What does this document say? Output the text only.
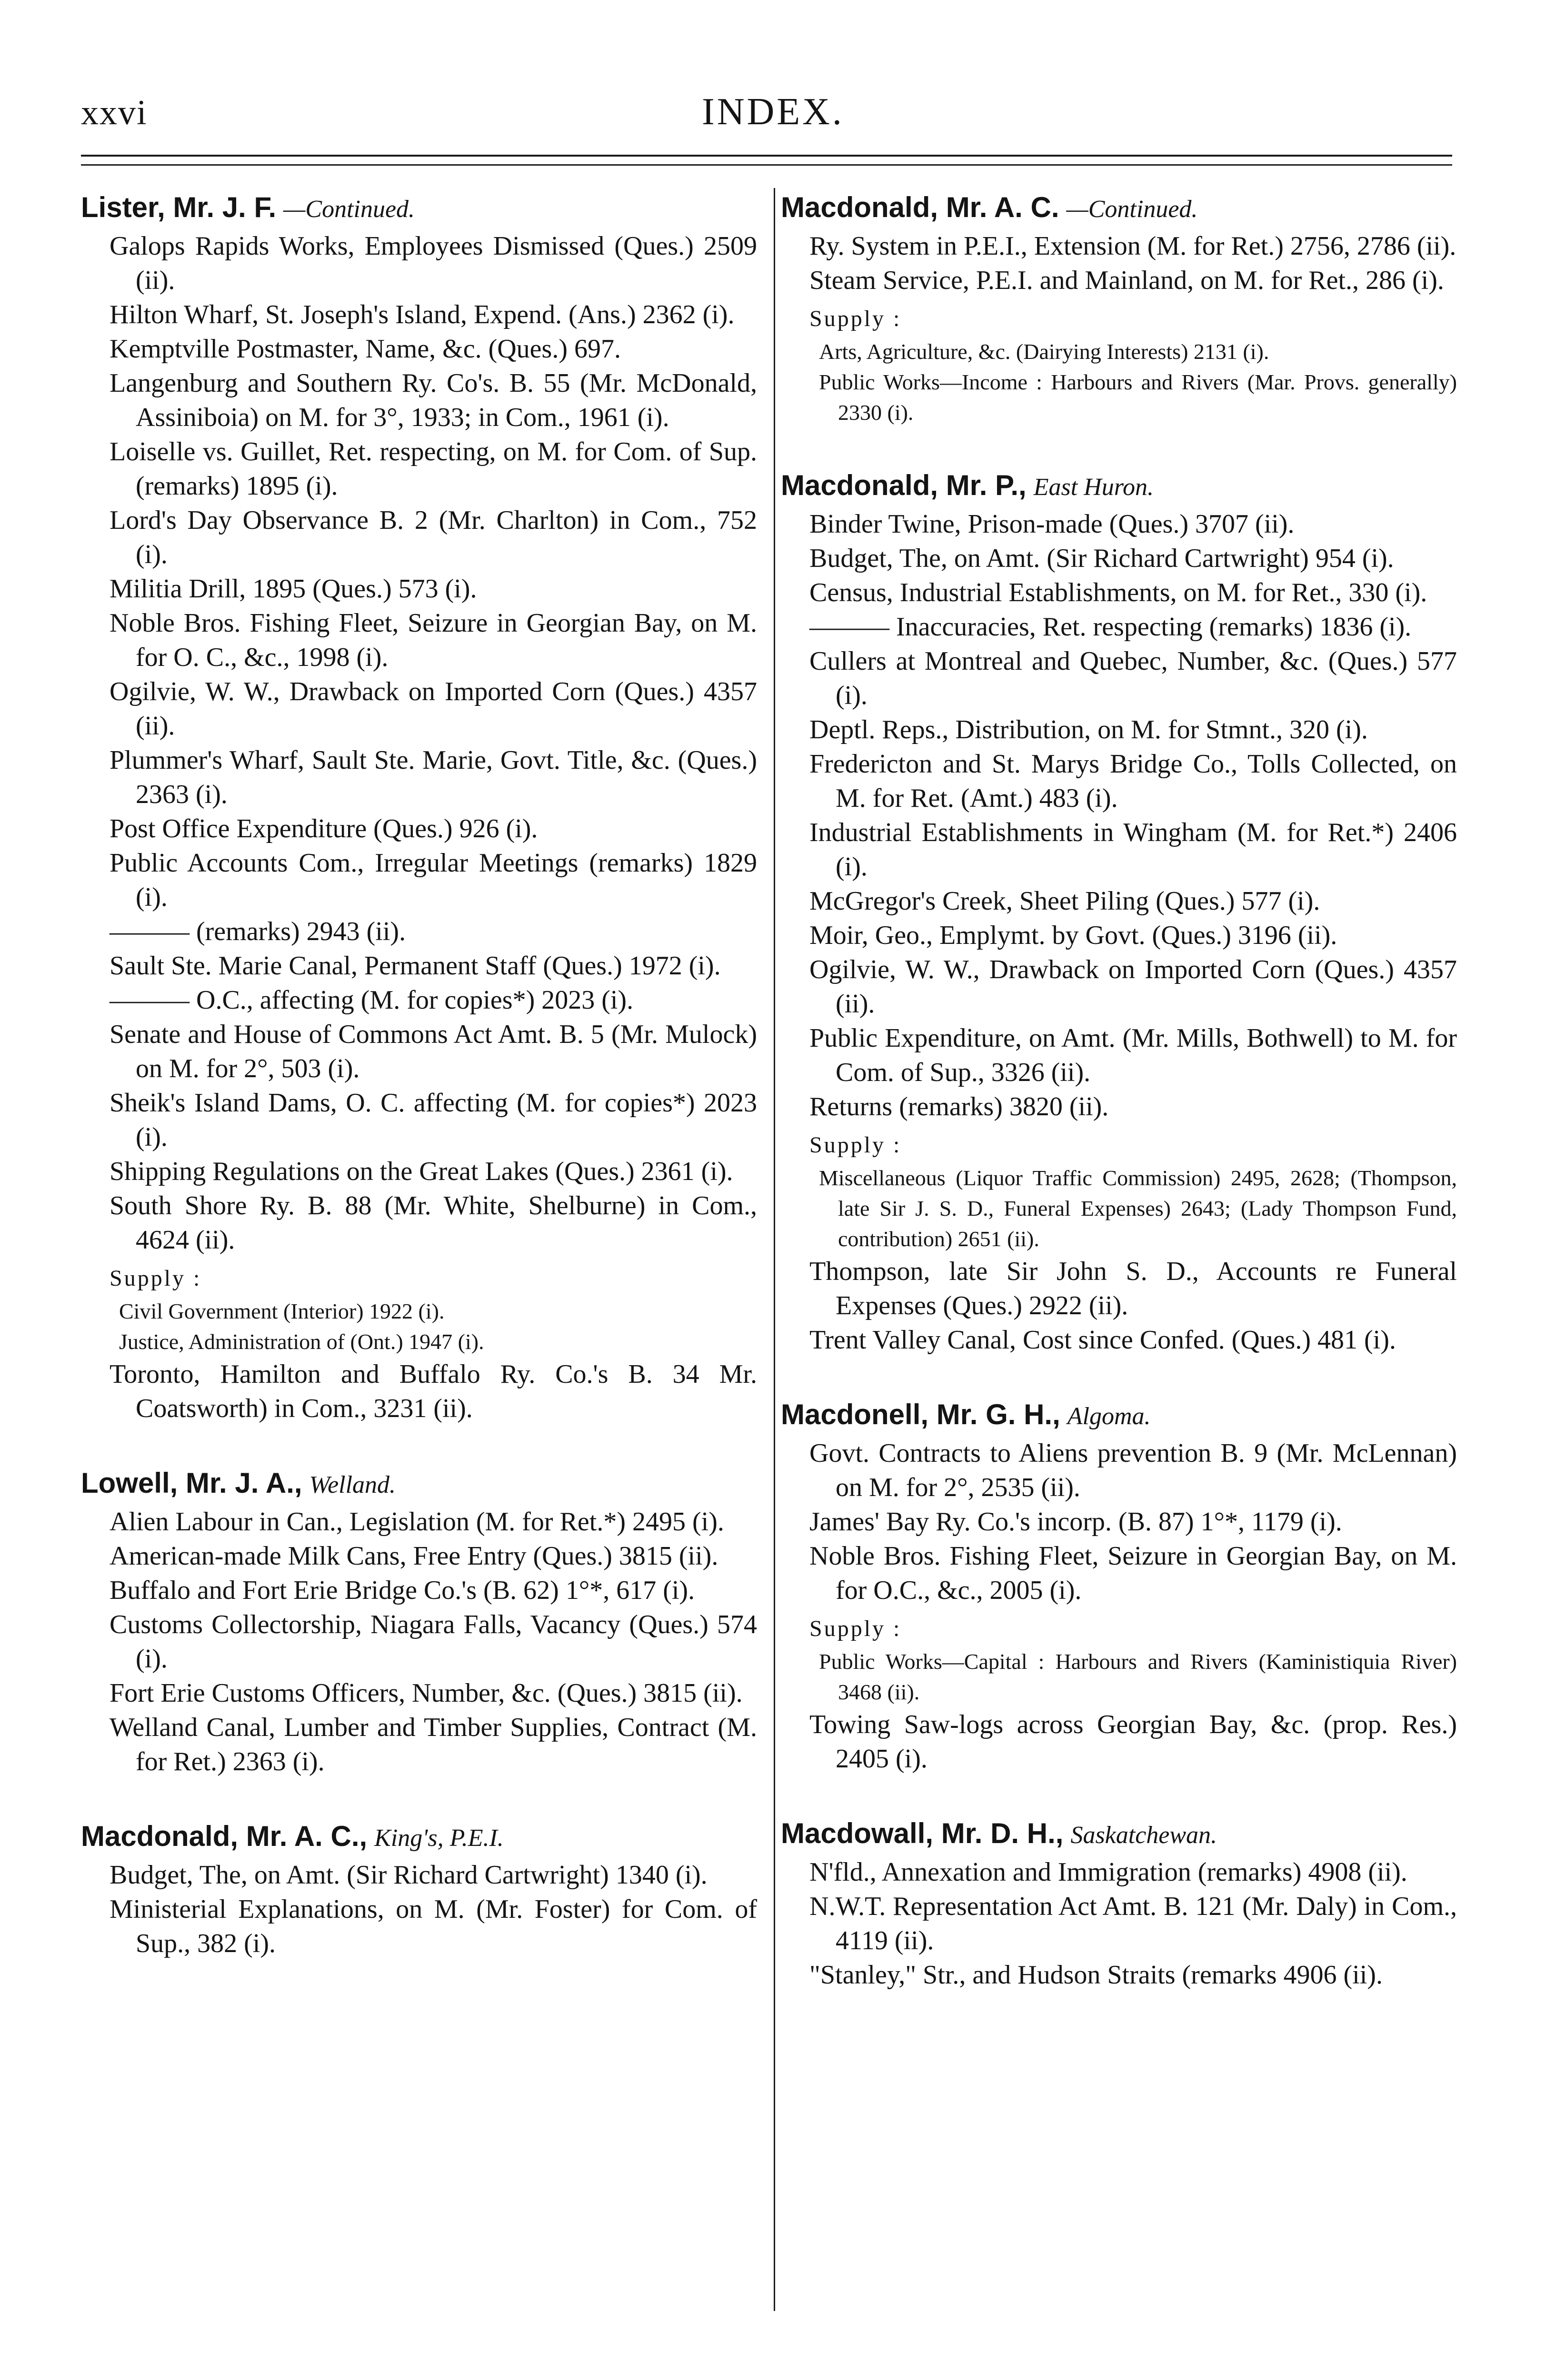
xxvi	INDEX.

Lister, Mr. J. F. —Continued.

Galops Rapids Works, Employees Dismissed (Ques.) 2509 (ii).

Hilton Wharf, St. Joseph's Island, Expend. (Ans.) 2362 (i).

Kemptville Postmaster, Name, &c. (Ques.) 697.

Langenburg and Southern Ry. Co's. B. 55 (Mr. McDonald, Assiniboia) on M. for 3°, 1933; in Com., 1961 (i).

Loiselle vs. Guillet, Ret. respecting, on M. for Com. of Sup. (remarks) 1895 (i).

Lord's Day Observance B. 2 (Mr. Charlton) in Com., 752 (i).

Militia Drill, 1895 (Ques.) 573 (i).

Noble Bros. Fishing Fleet, Seizure in Georgian Bay, on M. for O. C., &c., 1998 (i).

Ogilvie, W. W., Drawback on Imported Corn (Ques.) 4357 (ii).

Plummer's Wharf, Sault Ste. Marie, Govt. Title, &c. (Ques.) 2363 (i).

Post Office Expenditure (Ques.) 926 (i).

Public Accounts Com., Irregular Meetings (remarks) 1829 (i).

——— (remarks) 2943 (ii).

Sault Ste. Marie Canal, Permanent Staff (Ques.) 1972 (i).

——— O.C., affecting (M. for copies*) 2023 (i).

Senate and House of Commons Act Amt. B. 5 (Mr. Mulock) on M. for 2°, 503 (i).

Sheik's Island Dams, O. C. affecting (M. for copies*) 2023 (i).

Shipping Regulations on the Great Lakes (Ques.) 2361 (i).

South Shore Ry. B. 88 (Mr. White, Shelburne) in Com., 4624 (ii).

Supply :

Civil Government (Interior) 1922 (i).

Justice, Administration of (Ont.) 1947 (i).

Toronto, Hamilton and Buffalo Ry. Co.'s B. 34 Mr. Coatsworth) in Com., 3231 (ii).

Lowell, Mr. J. A., Welland.

Alien Labour in Can., Legislation (M. for Ret.*) 2495 (i).

American-made Milk Cans, Free Entry (Ques.) 3815 (ii).

Buffalo and Fort Erie Bridge Co.'s (B. 62) 1°*, 617 (i).

Customs Collectorship, Niagara Falls, Vacancy (Ques.) 574 (i).

Fort Erie Customs Officers, Number, &c. (Ques.) 3815 (ii).

Welland Canal, Lumber and Timber Supplies, Contract (M. for Ret.) 2363 (i).

Macdonald, Mr. A. C., King's, P.E.I.

Budget, The, on Amt. (Sir Richard Cartwright) 1340 (i).

Ministerial Explanations, on M. (Mr. Foster) for Com. of Sup., 382 (i).

Macdonald, Mr. A. C. —Continued.

Ry. System in P.E.I., Extension (M. for Ret.) 2756, 2786 (ii).

Steam Service, P.E.I. and Mainland, on M. for Ret., 286 (i).

Supply :

Arts, Agriculture, &c. (Dairying Interests) 2131 (i).

Public Works—Income : Harbours and Rivers (Mar. Provs. generally) 2330 (i).

Macdonald, Mr. P., East Huron.

Binder Twine, Prison-made (Ques.) 3707 (ii).

Budget, The, on Amt. (Sir Richard Cartwright) 954 (i).

Census, Industrial Establishments, on M. for Ret., 330 (i).

——— Inaccuracies, Ret. respecting (remarks) 1836 (i).

Cullers at Montreal and Quebec, Number, &c. (Ques.) 577 (i).

Deptl. Reps., Distribution, on M. for Stmnt., 320 (i).

Fredericton and St. Marys Bridge Co., Tolls Collected, on M. for Ret. (Amt.) 483 (i).

Industrial Establishments in Wingham (M. for Ret.*) 2406 (i).

McGregor's Creek, Sheet Piling (Ques.) 577 (i).

Moir, Geo., Emplymt. by Govt. (Ques.) 3196 (ii).

Ogilvie, W. W., Drawback on Imported Corn (Ques.) 4357 (ii).

Public Expenditure, on Amt. (Mr. Mills, Bothwell) to M. for Com. of Sup., 3326 (ii).

Returns (remarks) 3820 (ii).

Supply :

Miscellaneous (Liquor Traffic Commission) 2495, 2628; (Thompson, late Sir J. S. D., Funeral Expenses) 2643; (Lady Thompson Fund, contribution) 2651 (ii).

Thompson, late Sir John S. D., Accounts re Funeral Expenses (Ques.) 2922 (ii).

Trent Valley Canal, Cost since Confed. (Ques.) 481 (i).

Macdonell, Mr. G. H., Algoma.

Govt. Contracts to Aliens prevention B. 9 (Mr. McLennan) on M. for 2°, 2535 (ii).

James' Bay Ry. Co.'s incorp. (B. 87) 1°*, 1179 (i).

Noble Bros. Fishing Fleet, Seizure in Georgian Bay, on M. for O.C., &c., 2005 (i).

Supply :

Public Works—Capital : Harbours and Rivers (Kaministiquia River) 3468 (ii).

Towing Saw-logs across Georgian Bay, &c. (prop. Res.) 2405 (i).

Macdowall, Mr. D. H., Saskatchewan.

N'fld., Annexation and Immigration (remarks) 4908 (ii).

N.W.T. Representation Act Amt. B. 121 (Mr. Daly) in Com., 4119 (ii).

"Stanley," Str., and Hudson Straits (remarks 4906 (ii).
